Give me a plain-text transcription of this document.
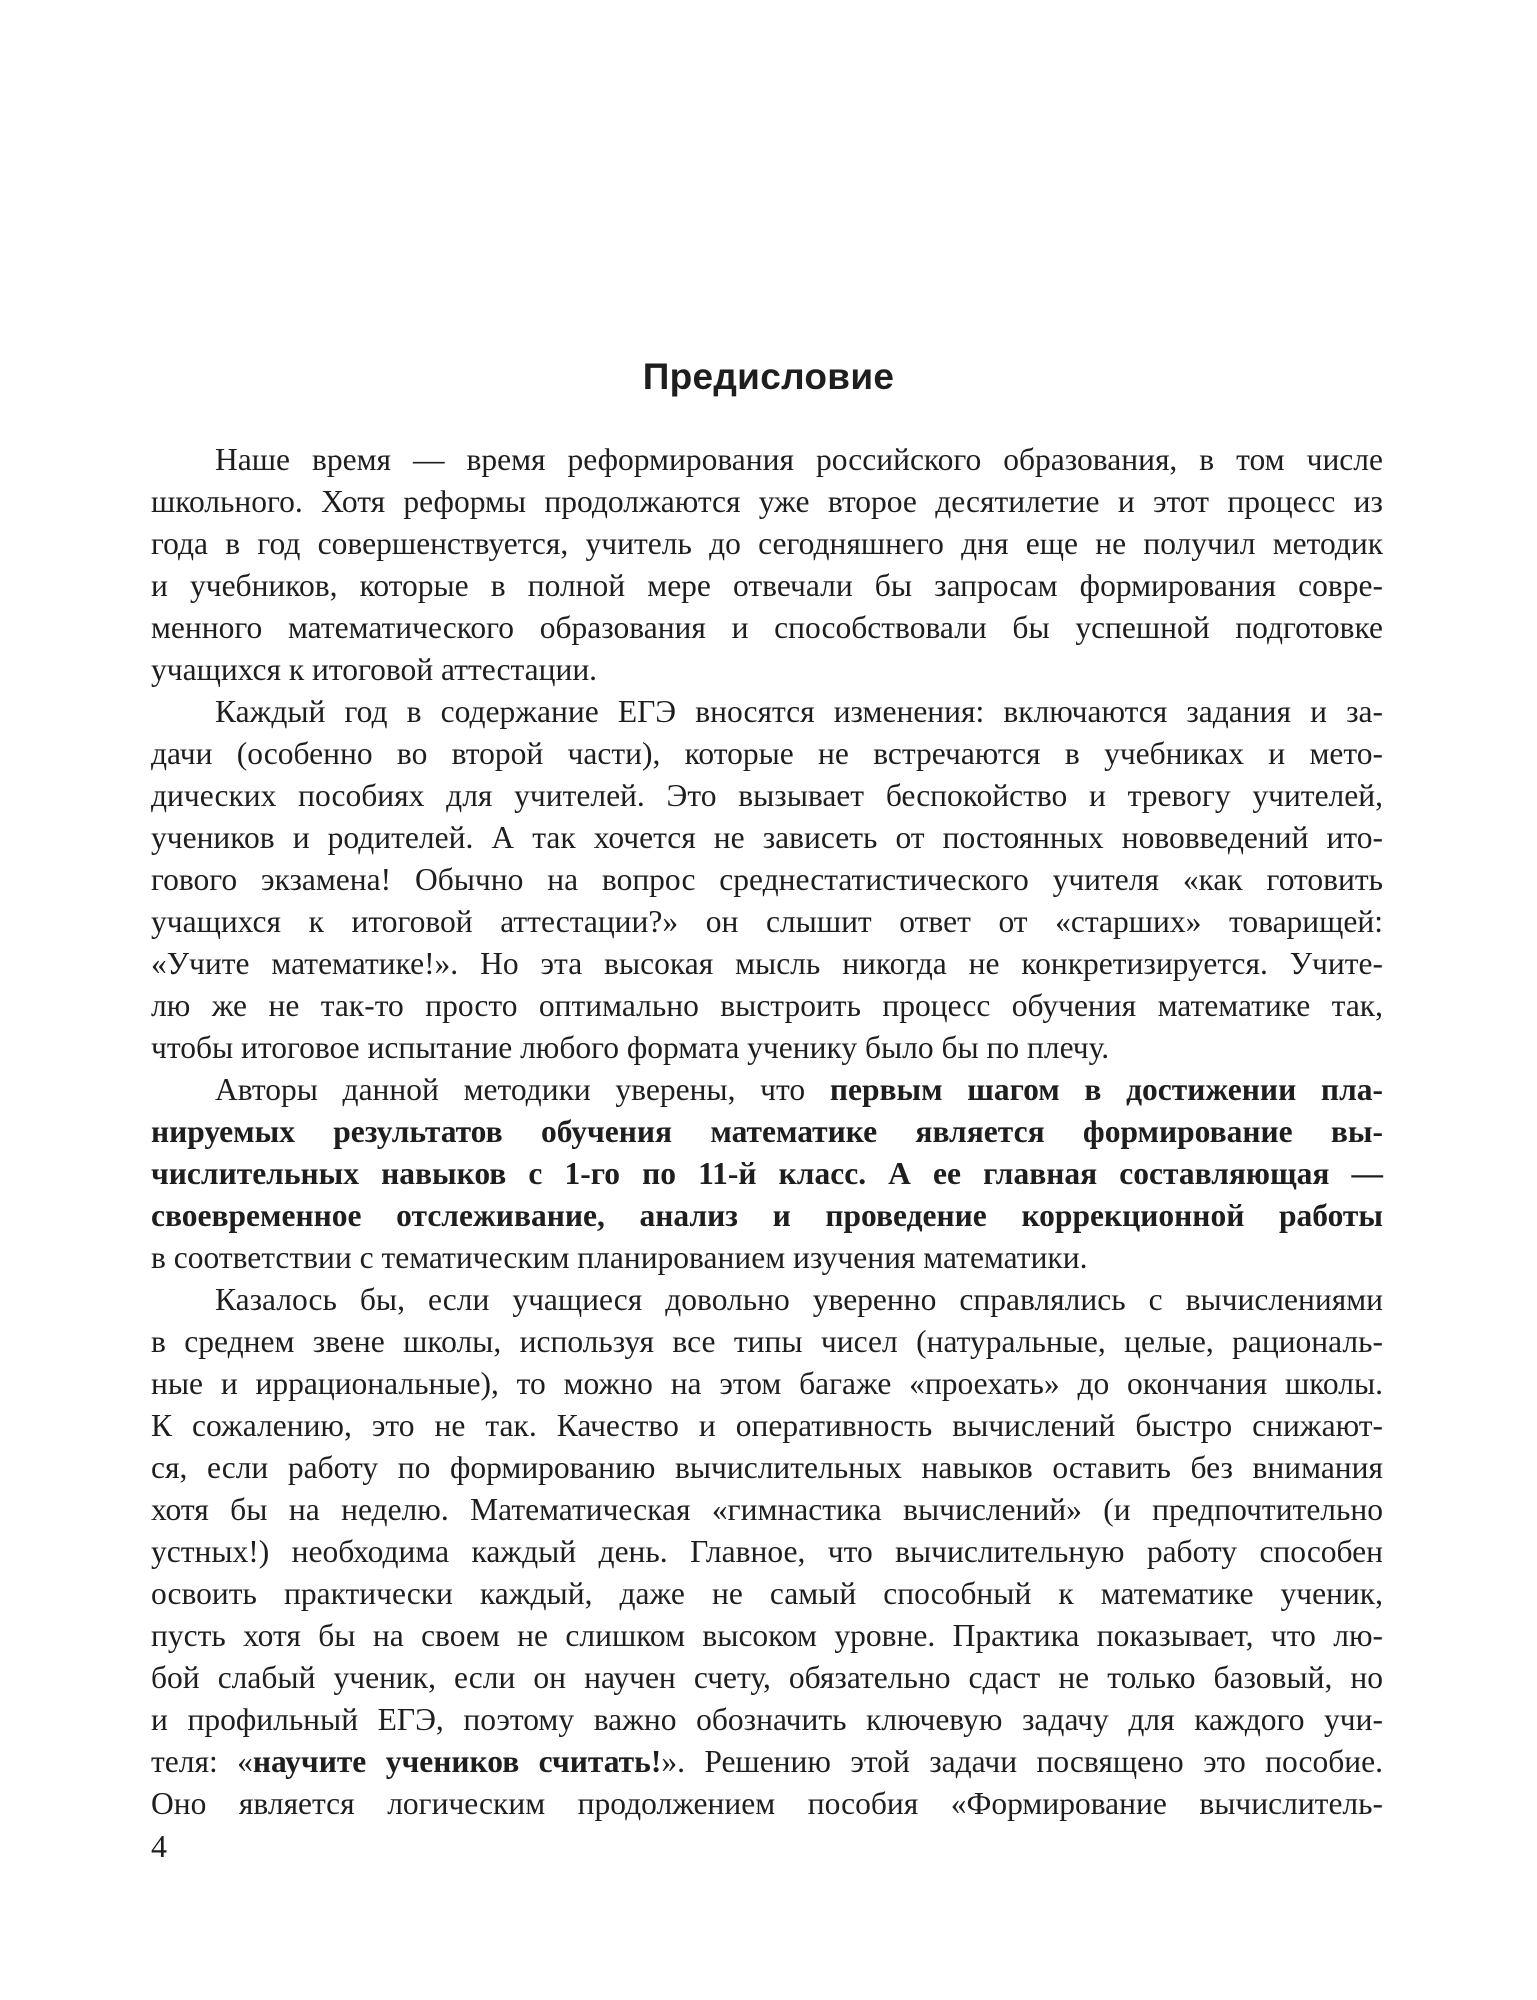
Предисловие

Наше время — время реформирования российского образования, в том числе

школьного. Хотя реформы продолжаются уже второе десятилетие и этот процесс из

года в год совершенствуется, учитель до сегодняшнего дня еще не получил методик

и учебников, которые в полной мере отвечали бы запросам формирования совре-

менного математического образования и способствовали бы успешной подготовке

учащихся к итоговой аттестации.

Каждый год в содержание ЕГЭ вносятся изменения: включаются задания и за-

дачи (особенно во второй части), которые не встречаются в учебниках и мето-

дических пособиях для учителей. Это вызывает беспокойство и тревогу учителей,

учеников и родителей. А так хочется не зависеть от постоянных нововведений ито-

гового экзамена! Обычно на вопрос среднестатистического учителя «как готовить

учащихся к итоговой аттестации?» он слышит ответ от «старших» товарищей:

«Учите математике!». Но эта высокая мысль никогда не конкретизируется. Учите-

лю же не так-то просто оптимально выстроить процесс обучения математике так,

чтобы итоговое испытание любого формата ученику было бы по плечу.

Авторы данной методики уверены, что первым шагом в достижении пла-

нируемых результатов обучения математике является формирование вы-

числительных навыков с 1-го по 11-й класс. А ее главная составляющая —

своевременное отслеживание, анализ и проведение коррекционной работы

в соответствии с тематическим планированием изучения математики.

Казалось бы, если учащиеся довольно уверенно справлялись с вычислениями

в среднем звене школы, используя все типы чисел (натуральные, целые, рациональ-

ные и иррациональные), то можно на этом багаже «проехать» до окончания школы.

К сожалению, это не так. Качество и оперативность вычислений быстро снижают-

ся, если работу по формированию вычислительных навыков оставить без внимания

хотя бы на неделю. Математическая «гимнастика вычислений» (и предпочтительно

устных!) необходима каждый день. Главное, что вычислительную работу способен

освоить практически каждый, даже не самый способный к математике ученик,

пусть хотя бы на своем не слишком высоком уровне. Практика показывает, что лю-

бой слабый ученик, если он научен счету, обязательно сдаст не только базовый, но

и профильный ЕГЭ, поэтому важно обозначить ключевую задачу для каждого учи-

теля: «научите учеников считать!». Решению этой задачи посвящено это пособие.

Оно является логическим продолжением пособия «Формирование вычислитель-

4
